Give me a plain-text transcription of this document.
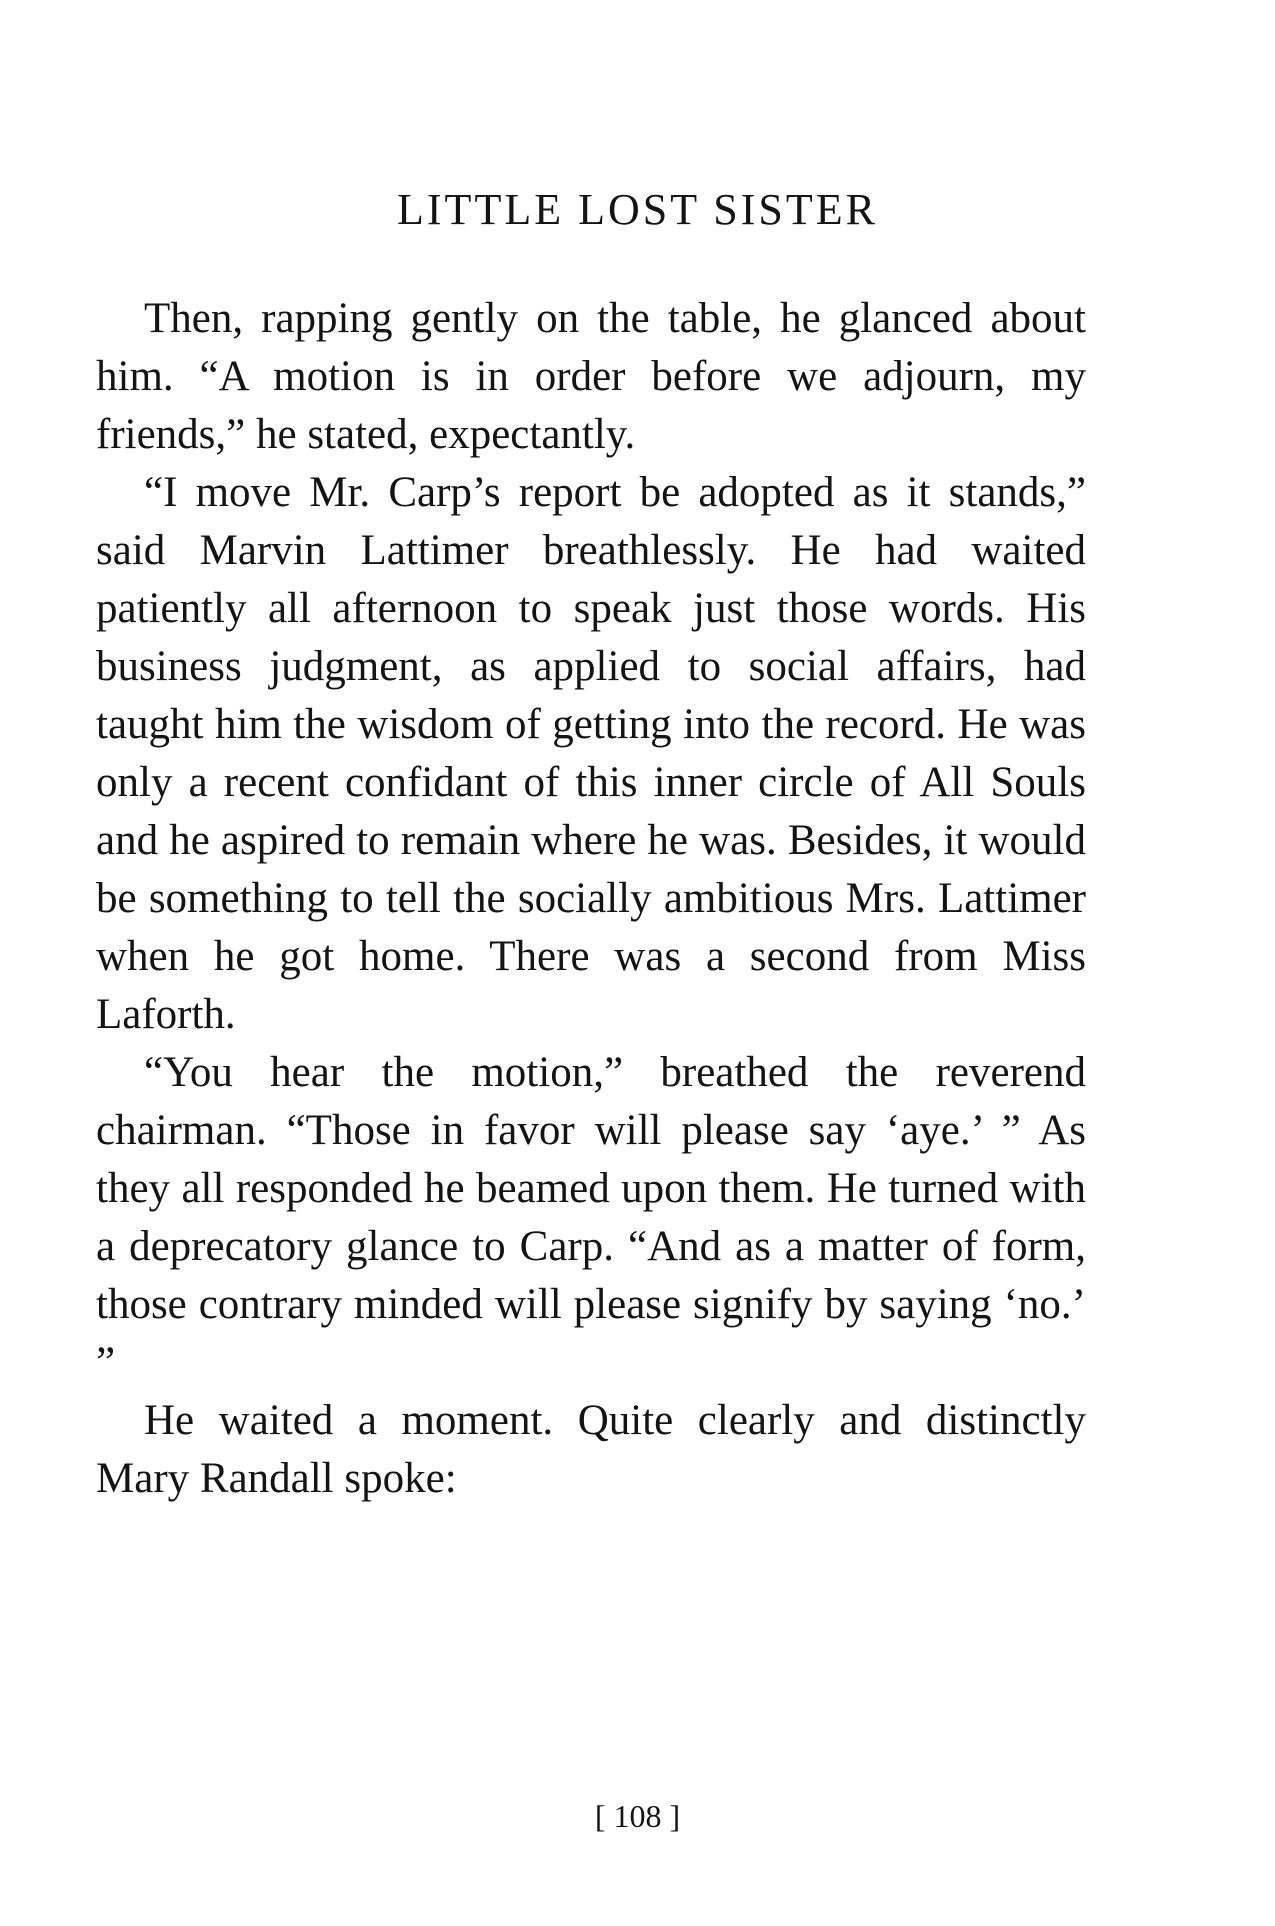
LITTLE LOST SISTER

Then, rapping gently on the table, he glanced about him. “A motion is in order before we adjourn, my friends,” he stated, expectantly.

“I move Mr. Carp’s report be adopted as it stands,” said Marvin Lattimer breathlessly. He had waited patiently all afternoon to speak just those words. His business judgment, as applied to social affairs, had taught him the wisdom of getting into the record. He was only a recent confidant of this inner circle of All Souls and he aspired to remain where he was. Besides, it would be something to tell the socially ambitious Mrs. Lattimer when he got home. There was a second from Miss Laforth.

“You hear the motion,” breathed the reverend chairman. “Those in favor will please say ‘aye.’ ” As they all responded he beamed upon them. He turned with a deprecatory glance to Carp. “And as a matter of form, those contrary minded will please signify by saying ‘no.’ ”

He waited a moment. Quite clearly and distinctly Mary Randall spoke:

[ 108 ]
